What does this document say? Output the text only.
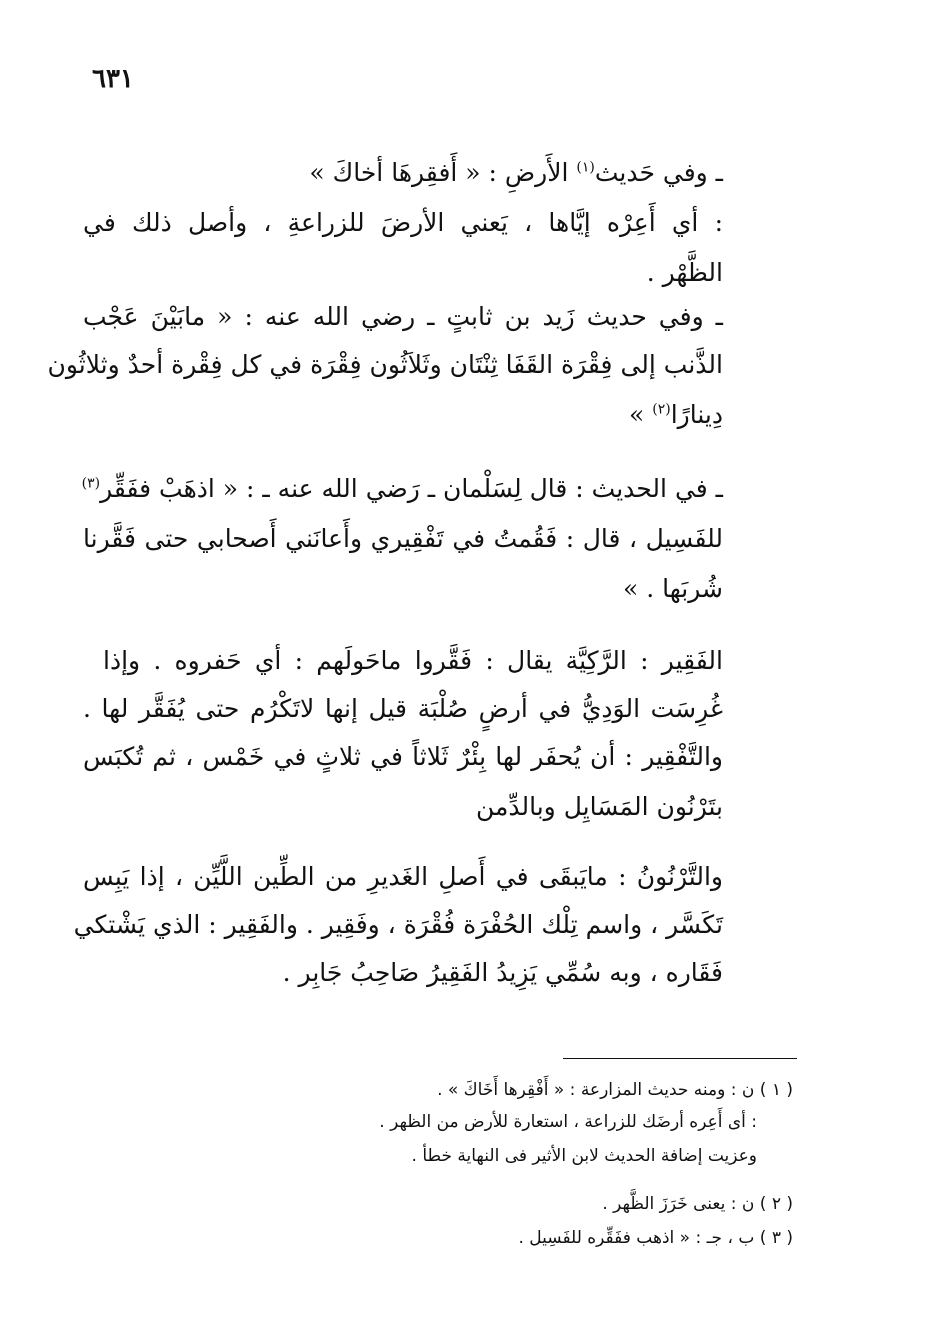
٦٣١
ـ وفي حَديث$^{(١)}$ الأَرضِ : « أَفقِرهَا أخاكَ »
: أي أَعِرْه إيَّاها ، يَعني الأرضَ للزراعةِ ، وأصل ذلك في
الظَّهْر .
ـ وفي حديث زَيد بن ثابتٍ ـ رضي الله عنه : « مابَيْنَ عَجْب
الذَّنب إلى فِقْرَة القَفَا ثِنْتَان وثَلاَثُون فِقْرَة في كل فِقْرة أحدٌ وثلاثُون
دِينارًا$^{(٢)}$ »
ـ في الحديث : قال لِسَلْمان ـ رَضي الله عنه ـ : « اذهَبْ ففَقِّر$^{(٣)}$
للفَسِيل ، قال : فَقُمتُ في تَفْقِيري وأَعانَني أَصحابي حتى فَقَّرنا
شُربَها . »
الفَقِير : الرَّكِيَّة يقال : فَقَّروا ماحَولَهم : أي حَفروه . وإذا
غُرِسَت الوَدِيُّ في أرضٍ صُلْبَة قيل إنها لاتَكْرُم حتى يُفَقَّر لها .
والتَّفْقِير : أن يُحفَر لها بِئْرٌ ثَلاثاً في ثلاثٍ في خَمْس ، ثم تُكبَس
بتَرْنُون المَسَايِل وبالدِّمن
والتَّرْنُونُ : مايَبقَى في أَصلِ الغَديرِ من الطِّين اللَّيِّن ، إذا يَبِس
تَكَسَّر ، واسم تِلْك الحُفْرَة فُقْرَة ، وفَقِير . والفَقِير : الذي يَشْتكي
فَقَاره ، وبه سُمِّي يَزِيدُ الفَقِيرُ صَاحِبُ جَابِر .
( ١ ) ن : ومنه حديث المزارعة : « أَفْقِرها أَخَاكَ » .
: أى أَعِره أرضَك للزراعة ، استعارة للأرض من الظهر .
وعزيت إضافة الحديث لابن الأثير فى النهاية خطأ .
( ٢ ) ن : يعنى خَرَزَ الظَّهر .
( ٣ ) ب ، جـ : « اذهب ففَقِّره للفَسِيل .
